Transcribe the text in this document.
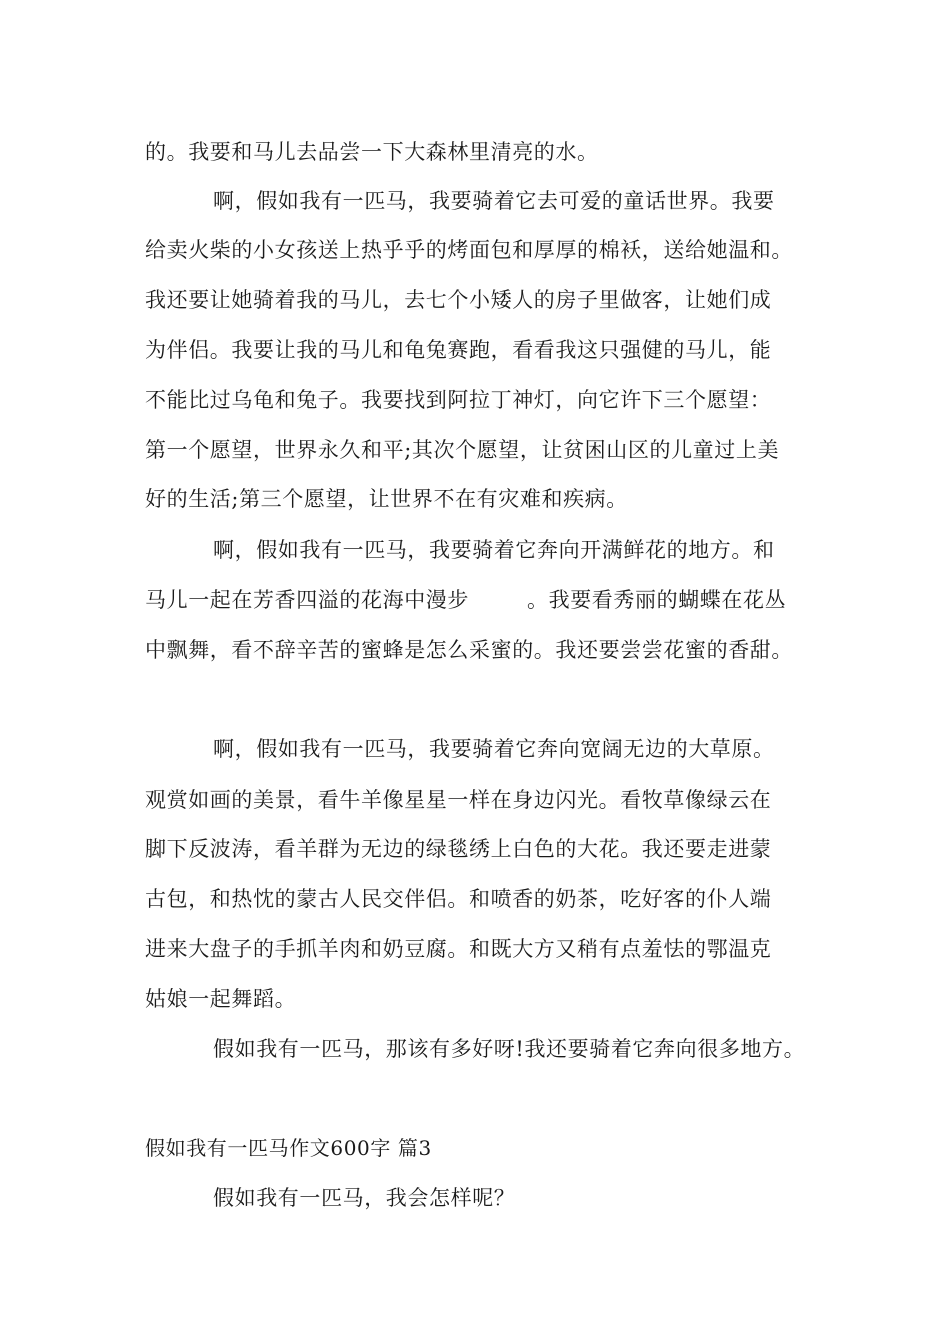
的。我要和马儿去品尝一下大森林里清亮的水。
啊，假如我有一匹马，我要骑着它去可爱的童话世界。我要
给卖火柴的小女孩送上热乎乎的烤面包和厚厚的棉袄，送给她温和。
我还要让她骑着我的马儿，去七个小矮人的房子里做客，让她们成
为伴侣。我要让我的马儿和龟兔赛跑，看看我这只强健的马儿，能
不能比过乌龟和兔子。我要找到阿拉丁神灯，向它许下三个愿望：
第一个愿望，世界永久和平;其次个愿望，让贫困山区的儿童过上美
好的生活;第三个愿望，让世界不在有灾难和疾病。
啊，假如我有一匹马，我要骑着它奔向开满鲜花的地方。和
马儿一起在芳香四溢的花海中漫步	。我要看秀丽的蝴蝶在花丛
中飘舞，看不辞辛苦的蜜蜂是怎么采蜜的。我还要尝尝花蜜的香甜。
啊，假如我有一匹马，我要骑着它奔向宽阔无边的大草原。
观赏如画的美景，看牛羊像星星一样在身边闪光。看牧草像绿云在
脚下反波涛，看羊群为无边的绿毯绣上白色的大花。我还要走进蒙
古包，和热忱的蒙古人民交伴侣。和喷香的奶茶，吃好客的仆人端
进来大盘子的手抓羊肉和奶豆腐。和既大方又稍有点羞怯的鄂温克
姑娘一起舞蹈。
假如我有一匹马，那该有多好呀!我还要骑着它奔向很多地方。
假如我有一匹马作文600字 篇3
假如我有一匹马，我会怎样呢？
